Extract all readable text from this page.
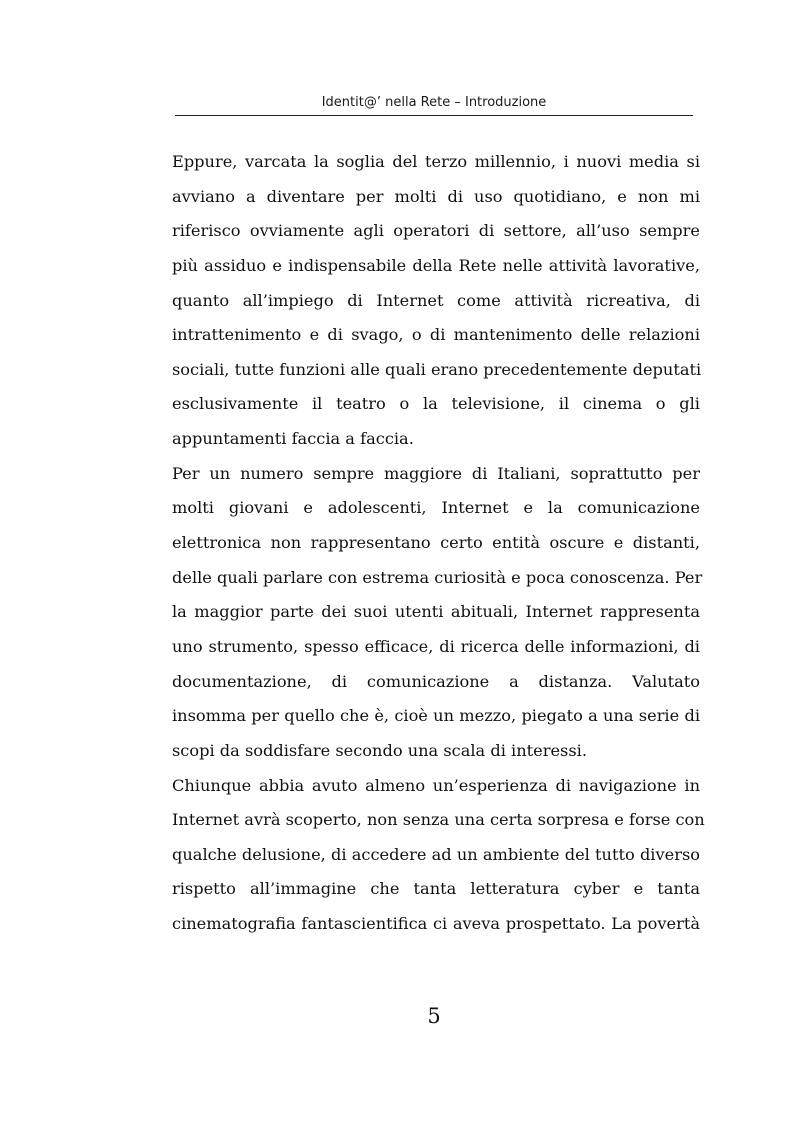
Identit@’ nella Rete – Introduzione
Eppure, varcata la soglia del terzo millennio, i nuovi media si
avviano a diventare per molti di uso quotidiano, e non mi
riferisco ovviamente agli operatori di settore, all’uso sempre
più assiduo e indispensabile della Rete nelle attività lavorative,
quanto all’impiego di Internet come attività ricreativa, di
intrattenimento e di svago, o di mantenimento delle relazioni
sociali, tutte funzioni alle quali erano precedentemente deputati
esclusivamente il teatro o la televisione, il cinema o gli
appuntamenti faccia a faccia.
Per un numero sempre maggiore di Italiani, soprattutto per
molti giovani e adolescenti, Internet e la comunicazione
elettronica non rappresentano certo entità oscure e distanti,
delle quali parlare con estrema curiosità e poca conoscenza. Per
la maggior parte dei suoi utenti abituali, Internet rappresenta
uno strumento, spesso efficace, di ricerca delle informazioni, di
documentazione, di comunicazione a distanza. Valutato
insomma per quello che è, cioè un mezzo, piegato a una serie di
scopi da soddisfare secondo una scala di interessi.
Chiunque abbia avuto almeno un’esperienza di navigazione in
Internet avrà scoperto, non senza una certa sorpresa e forse con
qualche delusione, di accedere ad un ambiente del tutto diverso
rispetto all’immagine che tanta letteratura cyber e tanta
cinematografia fantascientifica ci aveva prospettato. La povertà
5
